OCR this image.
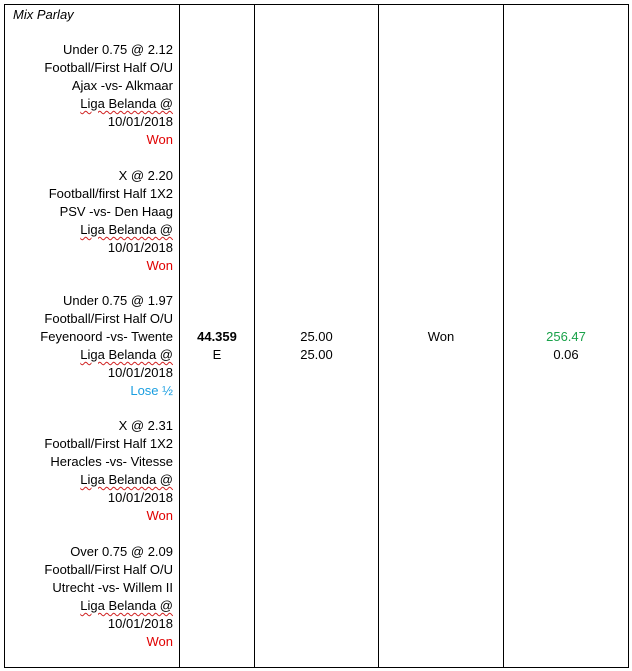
Mix Parlay
Under 0.75 @ 2.12
Football/First Half O/U
Ajax -vs- Alkmaar
Liga Belanda @
10/01/2018
Won
X @ 2.20
Football/first Half 1X2
PSV -vs- Den Haag
Liga Belanda @
10/01/2018
Won
Under 0.75 @ 1.97
Football/First Half O/U
Feyenoord -vs- Twente
Liga Belanda @
10/01/2018
Lose ½
X @ 2.31
Football/First Half 1X2
Heracles -vs- Vitesse
Liga Belanda @
10/01/2018
Won
Over 0.75 @ 2.09
Football/First Half O/U
Utrecht -vs- Willem II
Liga Belanda @
10/01/2018
Won
44.359
E
25.00
25.00
Won	256.47
0.06
